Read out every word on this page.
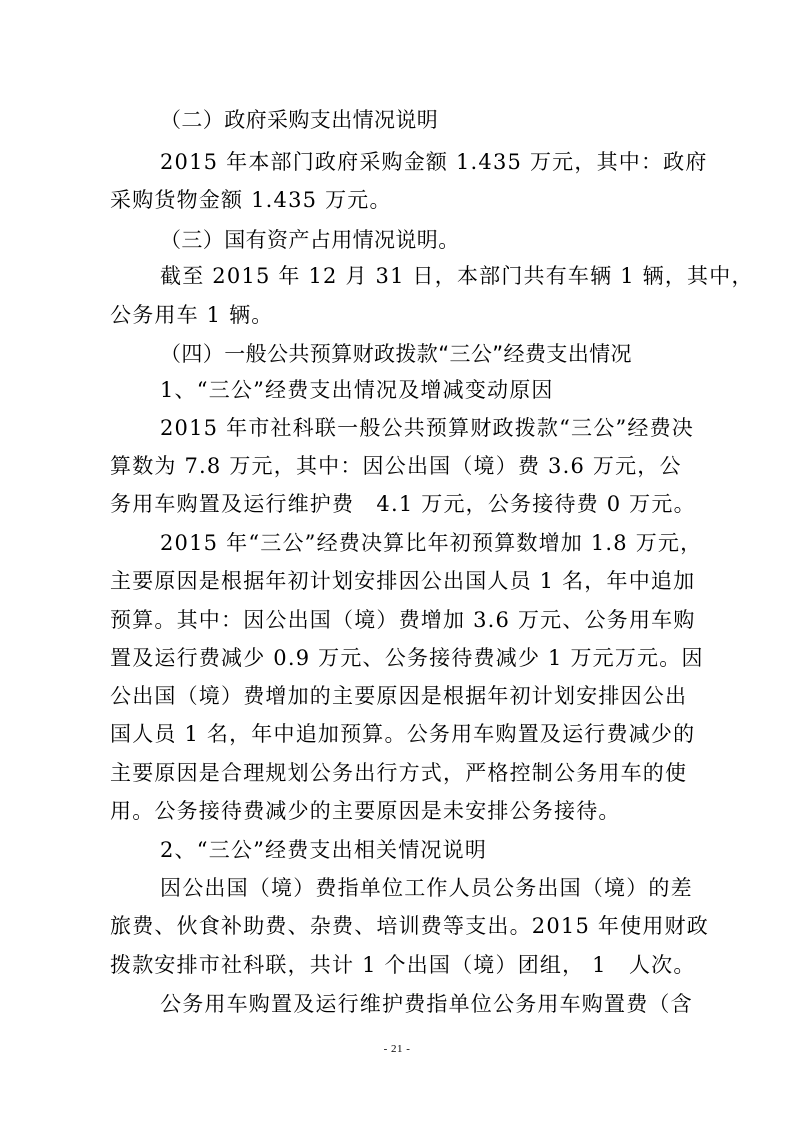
（二）政府采购支出情况说明
2015 年本部门政府采购金额 1.435 万元，其中：政府
采购货物金额 1.435 万元。
（三）国有资产占用情况说明。
截至 2015 年 12 月 31 日，本部门共有车辆 1 辆，其中，
公务用车 1 辆。
（四）一般公共预算财政拨款“三公”经费支出情况
1、“三公”经费支出情况及增减变动原因
2015 年市社科联一般公共预算财政拨款“三公”经费决
算数为 7.8 万元，其中：因公出国（境）费 3.6 万元，公
务用车购置及运行维护费　4.1 万元，公务接待费 0 万元。
2015 年“三公”经费决算比年初预算数增加 1.8 万元，
主要原因是根据年初计划安排因公出国人员 1 名，年中追加
预算。其中：因公出国（境）费增加 3.6 万元、公务用车购
置及运行费减少 0.9 万元、公务接待费减少 1 万元万元。因
公出国（境）费增加的主要原因是根据年初计划安排因公出
国人员 1 名，年中追加预算。公务用车购置及运行费减少的
主要原因是合理规划公务出行方式，严格控制公务用车的使
用。公务接待费减少的主要原因是未安排公务接待。
2、“三公”经费支出相关情况说明
因公出国（境）费指单位工作人员公务出国（境）的差
旅费、伙食补助费、杂费、培训费等支出。2015 年使用财政
拨款安排市社科联，共计 1 个出国（境）团组， 1　人次。
公务用车购置及运行维护费指单位公务用车购置费（含
- 21 -
